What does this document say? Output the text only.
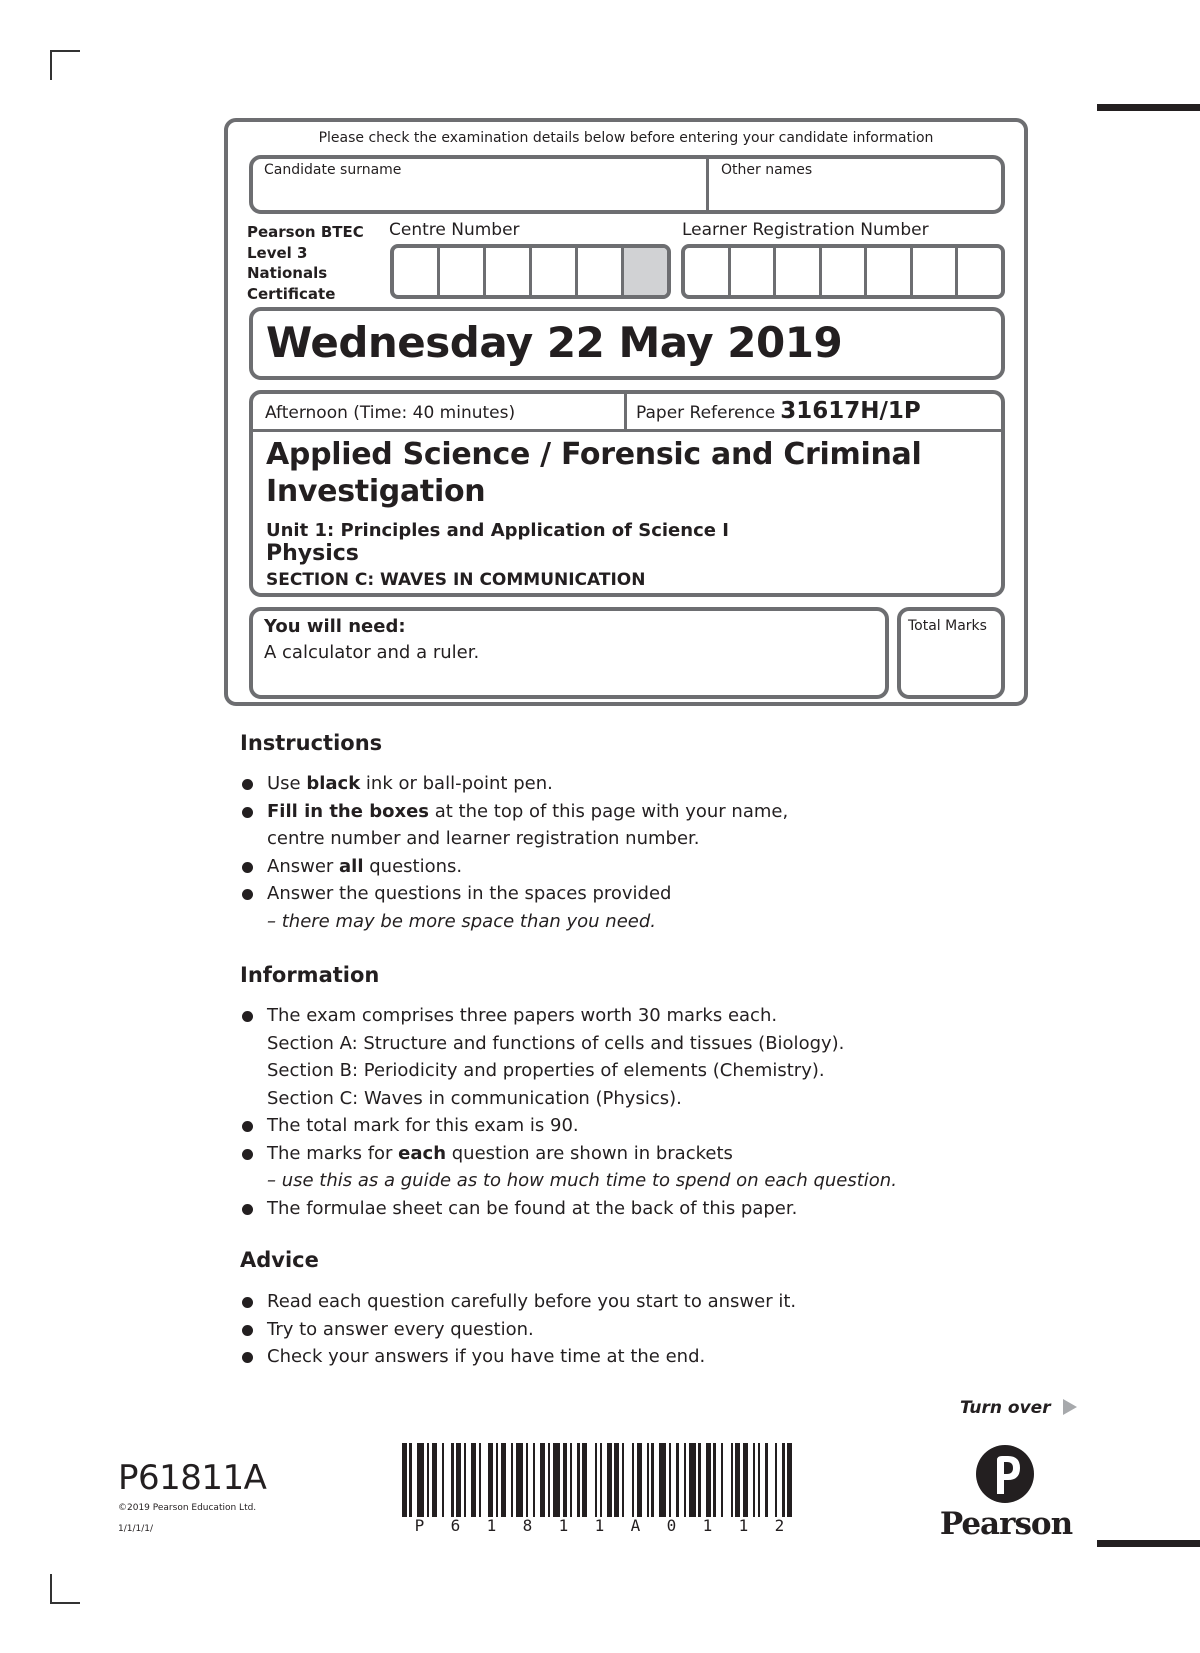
Please check the examination details below before entering your candidate information
Candidate surname	Other names
Pearson BTEC
Level 3
Nationals
Certificate
Centre Number	Learner Registration Number
Wednesday 22 May 2019
Afternoon (Time: 40 minutes)	Paper Reference 31617H/1P
Applied Science / Forensic and Criminal
Investigation
Unit 1: Principles and Application of Science I
Physics
SECTION C: WAVES IN COMMUNICATION
You will need:
A calculator and a ruler.
Total Marks
Instructions
Use black ink or ball-point pen.
Fill in the boxes at the top of this page with your name,
centre number and learner registration number.
Answer all questions.
Answer the questions in the spaces provided
– there may be more space than you need.
Information
The exam comprises three papers worth 30 marks each.
Section A: Structure and functions of cells and tissues (Biology).
Section B: Periodicity and properties of elements (Chemistry).
Section C: Waves in communication (Physics).
The total mark for this exam is 90.
The marks for each question are shown in brackets
– use this as a guide as to how much time to spend on each question.
The formulae sheet can be found at the back of this paper.
Advice
Read each question carefully before you start to answer it.
Try to answer every question.
Check your answers if you have time at the end.
Turn over
P61811A
©2019 Pearson Education Ltd.
1/1/1/1/	P 6 1 8 1 1 A 0 1 1 2	Pearson
